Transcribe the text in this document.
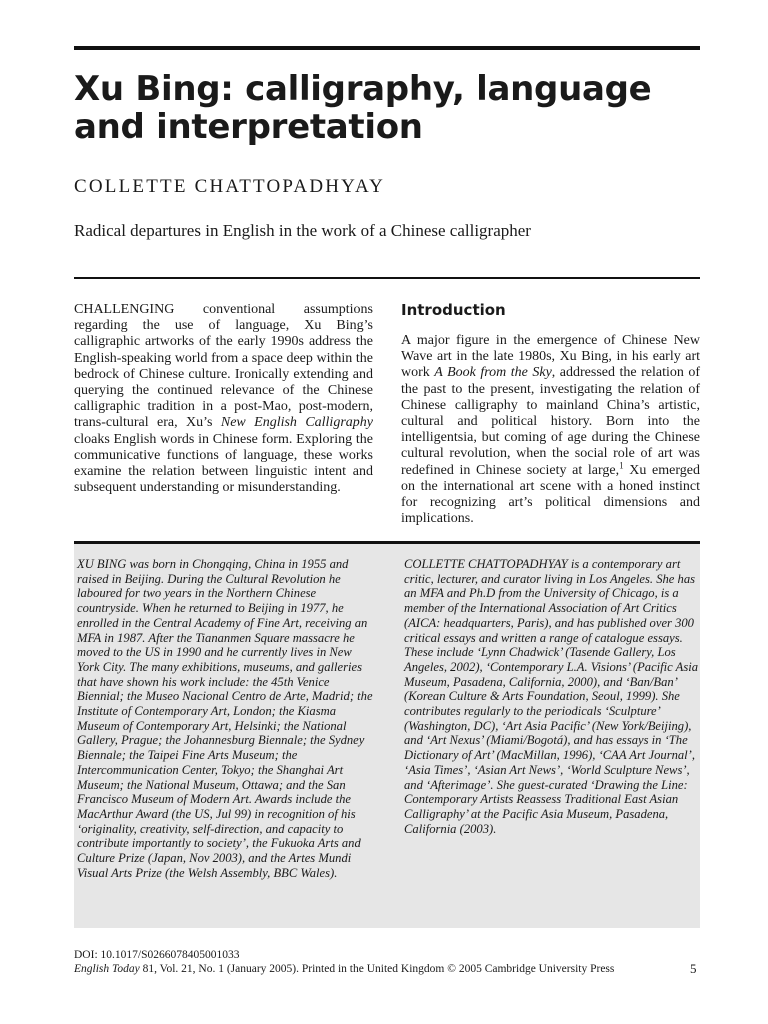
Xu Bing: calligraphy, language and interpretation

COLLETTE CHATTOPADHYAY

Radical departures in English in the work of a Chinese calligrapher

CHALLENGING conventional assumptions regarding the use of language, Xu Bing’s calligraphic artworks of the early 1990s address the English-speaking world from a space deep within the bedrock of Chinese culture. Ironically extending and querying the continued relevance of the Chinese calligraphic tradition in a post-Mao, post-modern, trans-cultural era, Xu’s New English Calligraphy cloaks English words in Chinese form. Exploring the communicative functions of language, these works examine the relation between linguistic intent and subsequent understanding or misunderstanding.

Introduction

A major figure in the emergence of Chinese New Wave art in the late 1980s, Xu Bing, in his early art work A Book from the Sky, addressed the relation of the past to the present, investigating the relation of Chinese calligraphy to mainland China’s artistic, cultural and political history. Born into the intelligentsia, but coming of age during the Chinese cultural revolution, when the social role of art was redefined in Chinese society at large,$^1$ Xu emerged on the international art scene with a honed instinct for recognizing art’s political dimensions and implications.

XU BING was born in Chongqing, China in 1955 and raised in Beijing. During the Cultural Revolution he laboured for two years in the Northern Chinese countryside. When he returned to Beijing in 1977, he enrolled in the Central Academy of Fine Art, receiving an MFA in 1987. After the Tiananmen Square massacre he moved to the US in 1990 and he currently lives in New York City. The many exhibitions, museums, and galleries that have shown his work include: the 45th Venice Biennial; the Museo Nacional Centro de Arte, Madrid; the Institute of Contemporary Art, London; the Kiasma Museum of Contemporary Art, Helsinki; the National Gallery, Prague; the Johannesburg Biennale; the Sydney Biennale; the Taipei Fine Arts Museum; the Intercommunication Center, Tokyo; the Shanghai Art Museum; the National Museum, Ottawa; and the San Francisco Museum of Modern Art. Awards include the MacArthur Award (the US, Jul 99) in recognition of his ‘originality, creativity, self-direction, and capacity to contribute importantly to society’, the Fukuoka Arts and Culture Prize (Japan, Nov 2003), and the Artes Mundi Visual Arts Prize (the Welsh Assembly, BBC Wales).

COLLETTE CHATTOPADHYAY is a contemporary art critic, lecturer, and curator living in Los Angeles. She has an MFA and Ph.D from the University of Chicago, is a member of the International Association of Art Critics (AICA: headquarters, Paris), and has published over 300 critical essays and written a range of catalogue essays. These include ‘Lynn Chadwick’ (Tasende Gallery, Los Angeles, 2002), ‘Contemporary L.A. Visions’ (Pacific Asia Museum, Pasadena, California, 2000), and ‘Ban/Ban’ (Korean Culture & Arts Foundation, Seoul, 1999). She contributes regularly to the periodicals ‘Sculpture’ (Washington, DC), ‘Art Asia Pacific’ (New York/Beijing), and ‘Art Nexus’ (Miami/Bogotá), and has essays in ‘The Dictionary of Art’ (MacMillan, 1996), ‘CAA Art Journal’, ‘Asia Times’, ‘Asian Art News’, ‘World Sculpture News’, and ‘Afterimage’. She guest-curated ‘Drawing the Line: Contemporary Artists Reassess Traditional East Asian Calligraphy’ at the Pacific Asia Museum, Pasadena, California (2003).

DOI: 10.1017/S0266078405001033

English Today 81, Vol. 21, No. 1 (January 2005). Printed in the United Kingdom © 2005 Cambridge University Press	5
